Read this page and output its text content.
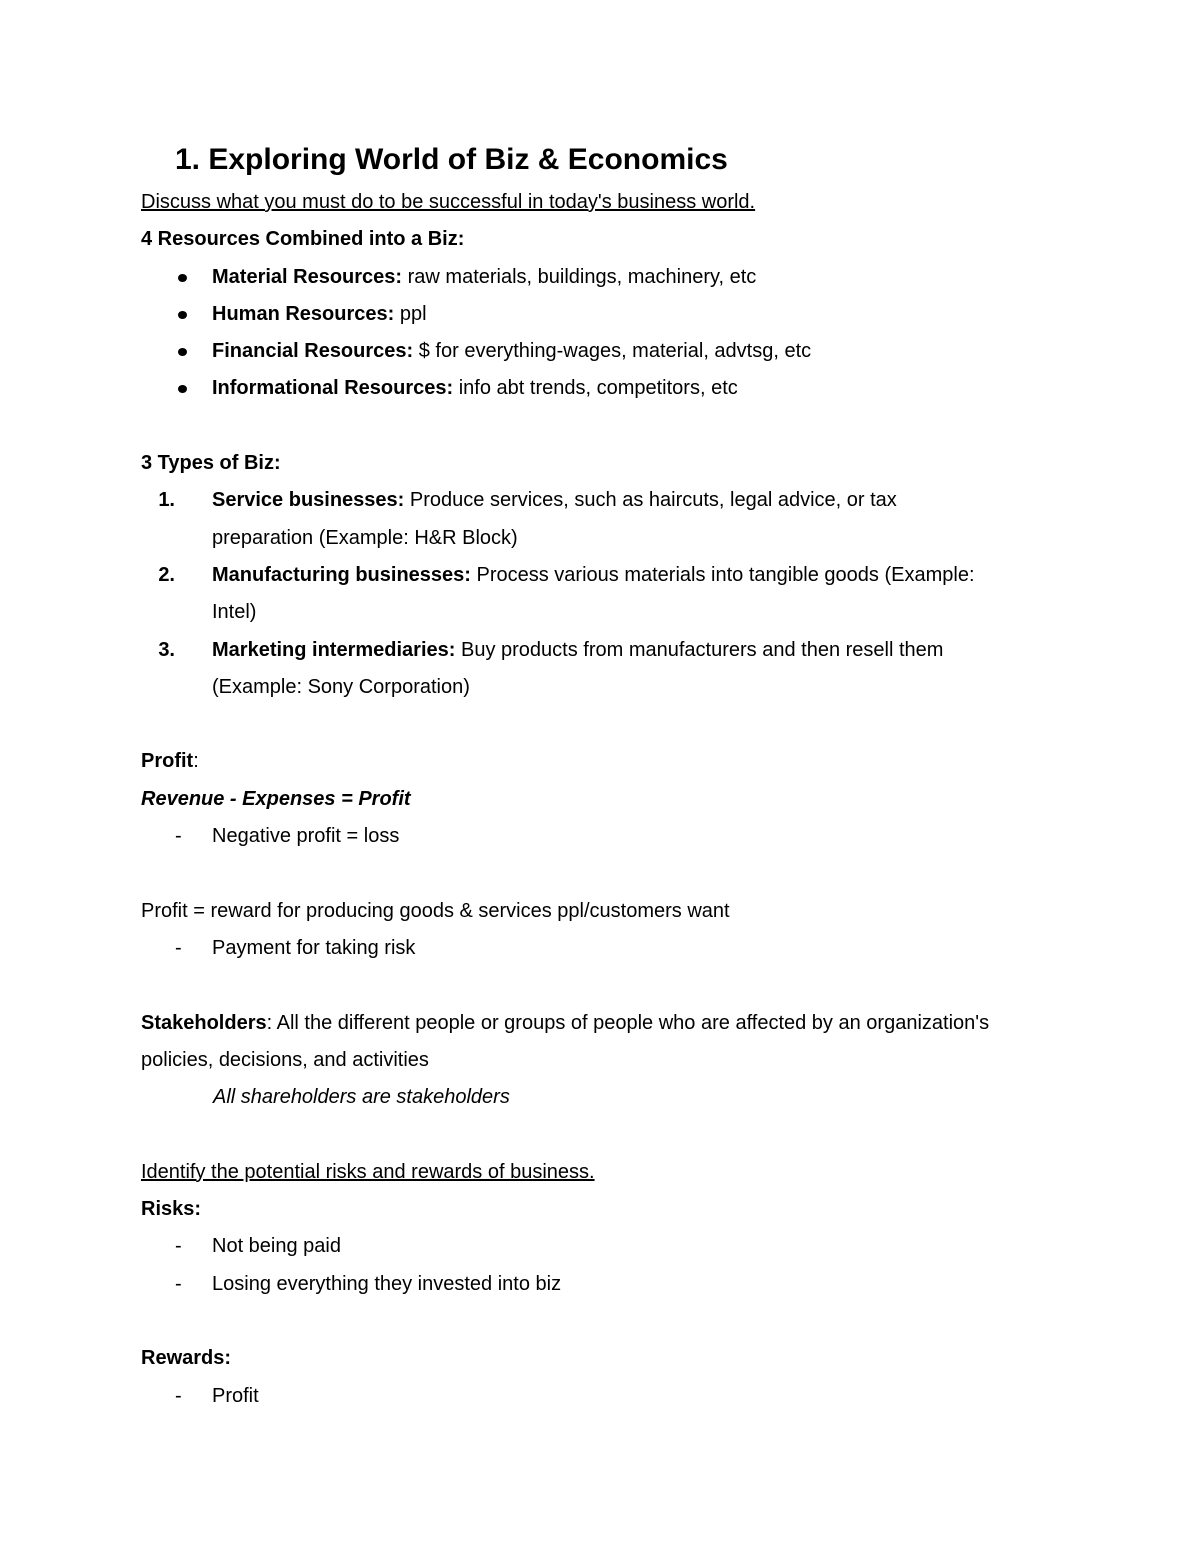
1. Exploring World of Biz & Economics
Discuss what you must do to be successful in today's business world.
4 Resources Combined into a Biz:
Material Resources: raw materials, buildings, machinery, etc
Human Resources: ppl
Financial Resources: $ for everything-wages, material, advtsg, etc
Informational Resources: info abt trends, competitors, etc
3 Types of Biz:
1. Service businesses: Produce services, such as haircuts, legal advice, or tax
preparation (Example: H&R Block)
2. Manufacturing businesses: Process various materials into tangible goods (Example:
Intel)
3. Marketing intermediaries: Buy products from manufacturers and then resell them
(Example: Sony Corporation)
Profit:
Revenue - Expenses = Profit
- Negative profit = loss
Profit = reward for producing goods & services ppl/customers want
- Payment for taking risk
Stakeholders: All the different people or groups of people who are affected by an organization's
policies, decisions, and activities
All shareholders are stakeholders
Identify the potential risks and rewards of business.
Risks:
- Not being paid
- Losing everything they invested into biz
Rewards:
- Profit
